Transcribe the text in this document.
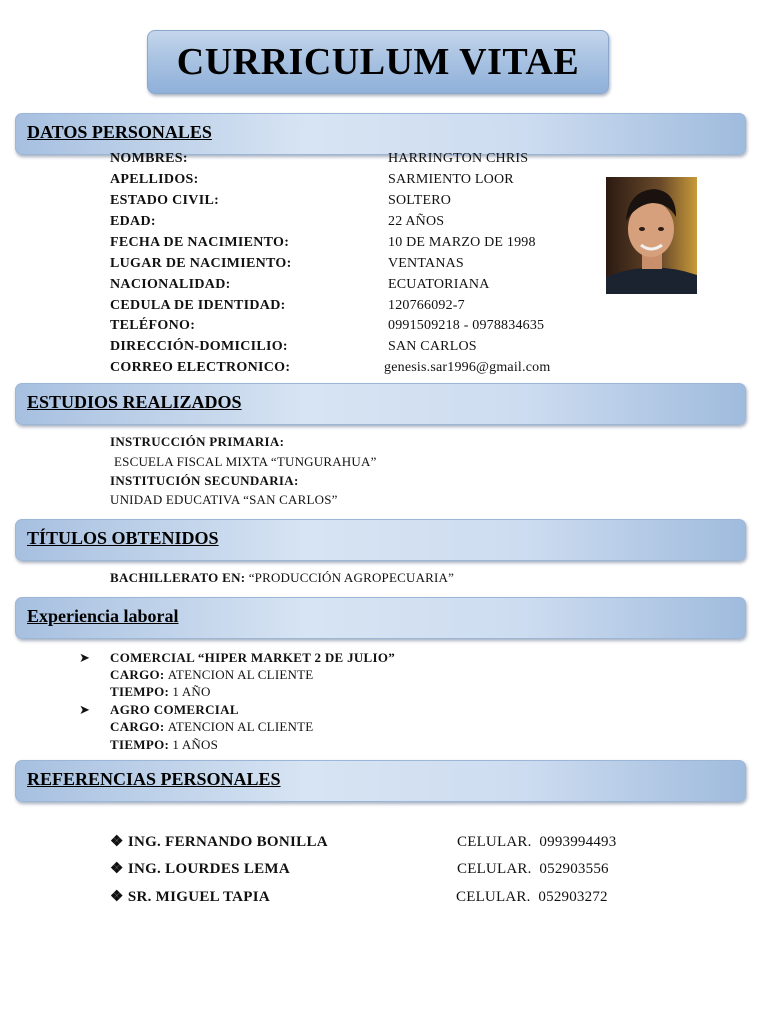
CURRICULUM VITAE
DATOS PERSONALES
NOMBRES:	HARRINGTON CHRIS
APELLIDOS:	SARMIENTO LOOR
ESTADO CIVIL:	SOLTERO
EDAD:	22 AÑOS
FECHA DE NACIMIENTO:	10 DE MARZO DE 1998
LUGAR DE NACIMIENTO:	VENTANAS
NACIONALIDAD:	ECUATORIANA
CEDULA DE IDENTIDAD:	120766092-7
TELÉFONO:	0991509218 - 0978834635
DIRECCIÓN-DOMICILIO:	SAN CARLOS
CORREO ELECTRONICO:	genesis.sar1996@gmail.com
ESTUDIOS REALIZADOS
INSTRUCCIÓN PRIMARIA:
ESCUELA FISCAL MIXTA “TUNGURAHUA”
INSTITUCIÓN SECUNDARIA:
UNIDAD EDUCATIVA “SAN CARLOS”
TÍTULOS OBTENIDOS
BACHILLERATO EN: “PRODUCCIÓN AGROPECUARIA”
Experiencia laboral
➤ COMERCIAL “HIPER MARKET 2 DE JULIO”
CARGO: ATENCION AL CLIENTE
TIEMPO: 1 AÑO
➤ AGRO COMERCIAL
CARGO: ATENCION AL CLIENTE
TIEMPO: 1 AÑOS
REFERENCIAS PERSONALES
❖ ING. FERNANDO BONILLA	CELULAR.  0993994493
❖ ING. LOURDES LEMA	CELULAR.  052903556
❖ SR. MIGUEL TAPIA	CELULAR.  052903272
